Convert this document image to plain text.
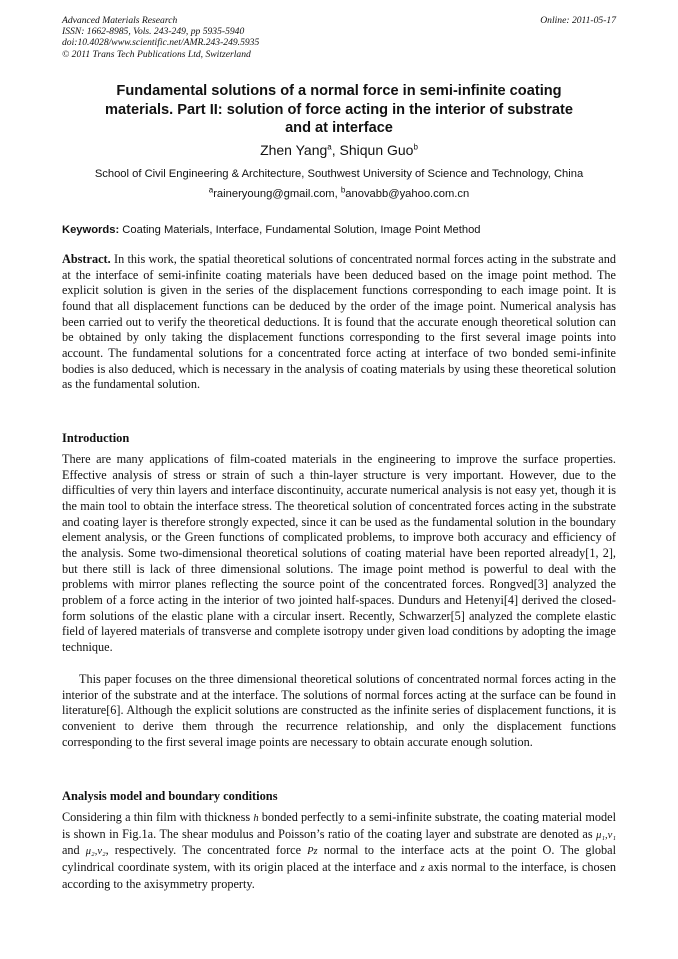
Advanced Materials Research
ISSN: 1662-8985, Vols. 243-249, pp 5935-5940
doi:10.4028/www.scientific.net/AMR.243-249.5935
© 2011 Trans Tech Publications Ltd, Switzerland
Online: 2011-05-17
Fundamental solutions of a normal force in semi-infinite coating
materials. Part II: solution of force acting in the interior of substrate
and at interface
Zhen Yang$^a$, Shiqun Guo$^b$
School of Civil Engineering & Architecture, Southwest University of Science and Technology, China
$^a$raineryoung@gmail.com, $^b$anovabb@yahoo.com.cn
Keywords: Coating Materials, Interface, Fundamental Solution, Image Point Method
Abstract. In this work, the spatial theoretical solutions of concentrated normal forces acting in the substrate and at the interface of semi-infinite coating materials have been deduced based on the image point method. The explicit solution is given in the series of the displacement functions corresponding to each image point. It is found that all displacement functions can be deduced by the order of the image point. Numerical analysis has been carried out to verify the theoretical deductions. It is found that the accurate enough theoretical solution can be obtained by only taking the displacement functions corresponding to the first several image points into account. The fundamental solutions for a concentrated force acting at interface of two bonded semi-infinite bodies is also deduced, which is necessary in the analysis of coating materials by using these theoretical solution as the fundamental solution.
Introduction
There are many applications of film-coated materials in the engineering to improve the surface properties. Effective analysis of stress or strain of such a thin-layer structure is very important. However, due to the difficulties of very thin layers and interface discontinuity, accurate numerical analysis is not easy yet, though it is the main tool to obtain the interface stress. The theoretical solution of concentrated forces acting in the substrate and coating layer is therefore strongly expected, since it can be used as the fundamental solution in the boundary element analysis, or the Green functions of complicated problems, to improve both accuracy and efficiency of the analysis. Some two-dimensional theoretical solutions of coating material have been reported already[1, 2], but there still is lack of three dimensional solutions. The image point method is powerful to deal with the problems with mirror planes reflecting the source point of the concentrated forces. Rongved[3] analyzed the problem of a force acting in the interior of two jointed half-spaces. Dundurs and Hetenyi[4] derived the closed-form solutions of the elastic plane with a circular insert. Recently, Schwarzer[5] analyzed the complete elastic field of layered materials of transverse and complete isotropy under given load conditions by adopting the image technique.
This paper focuses on the three dimensional theoretical solutions of concentrated normal forces acting in the interior of the substrate and at the interface. The solutions of normal forces acting at the surface can be found in literature[6]. Although the explicit solutions are constructed as the infinite series of displacement functions, it is convenient to derive them through the recurrence relationship, and only the displacement functions corresponding to the first several image points are necessary to obtain accurate enough solution.
Analysis model and boundary conditions
Considering a thin film with thickness h bonded perfectly to a semi-infinite substrate, the coating material model is shown in Fig.1a. The shear modulus and Poisson’s ratio of the coating layer and substrate are denoted as μ₁,ν₁ and μ₂,ν₂, respectively. The concentrated force Pz normal to the interface acts at the point O. The global cylindrical coordinate system, with its origin placed at the interface and z axis normal to the interface, is chosen according to the axisymmetry property.
